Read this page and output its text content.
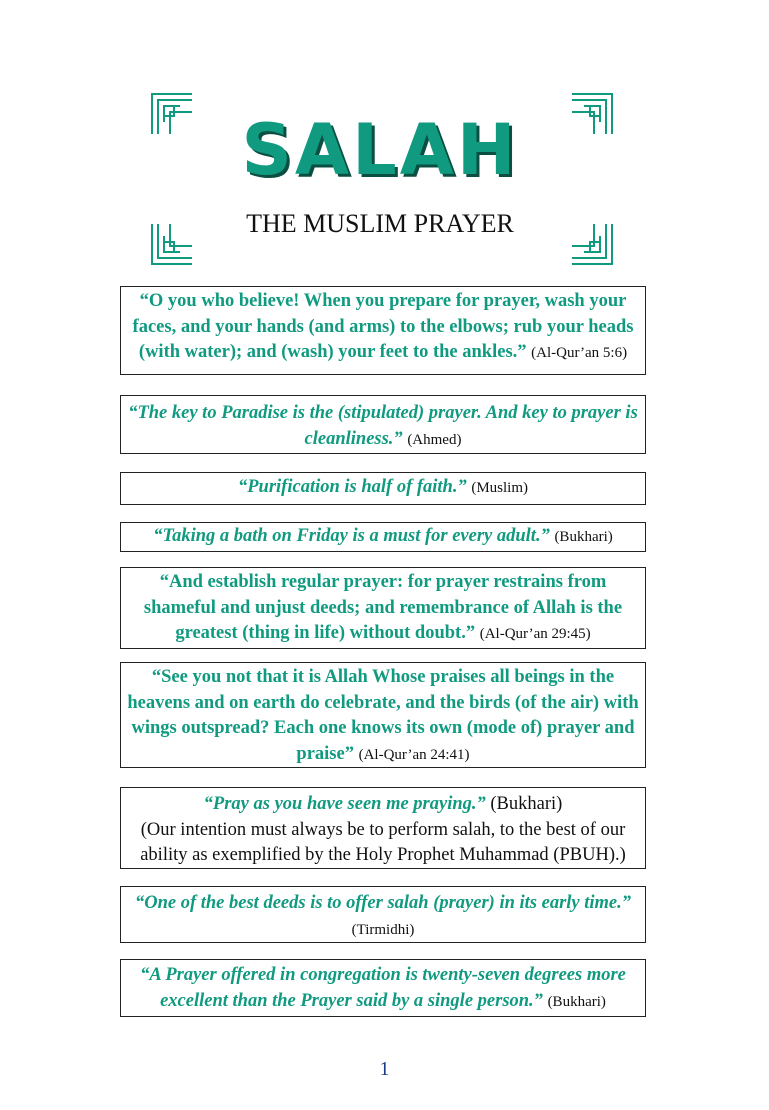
SALAH
THE MUSLIM PRAYER
“O you who believe! When you prepare for prayer, wash your faces, and your hands (and arms) to the elbows; rub your heads (with water); and (wash) your feet to the ankles.” (Al-Qur’an 5:6)
“The key to Paradise is the (stipulated) prayer. And key to prayer is cleanliness.” (Ahmed)
“Purification is half of faith.” (Muslim)
“Taking a bath on Friday is a must for every adult.” (Bukhari)
“And establish regular prayer: for prayer restrains from shameful and unjust deeds; and remembrance of Allah is the greatest (thing in life) without doubt.” (Al-Qur’an 29:45)
“See you not that it is Allah Whose praises all beings in the heavens and on earth do celebrate, and the birds (of the air) with wings outspread? Each one knows its own (mode of) prayer and praise” (Al-Qur’an 24:41)
“Pray as you have seen me praying.” (Bukhari)
(Our intention must always be to perform salah, to the best of our ability as exemplified by the Holy Prophet Muhammad (PBUH).)
“One of the best deeds is to offer salah (prayer) in its early time.” (Tirmidhi)
“A Prayer offered in congregation is twenty-seven degrees more excellent than the Prayer said by a single person.” (Bukhari)
1
